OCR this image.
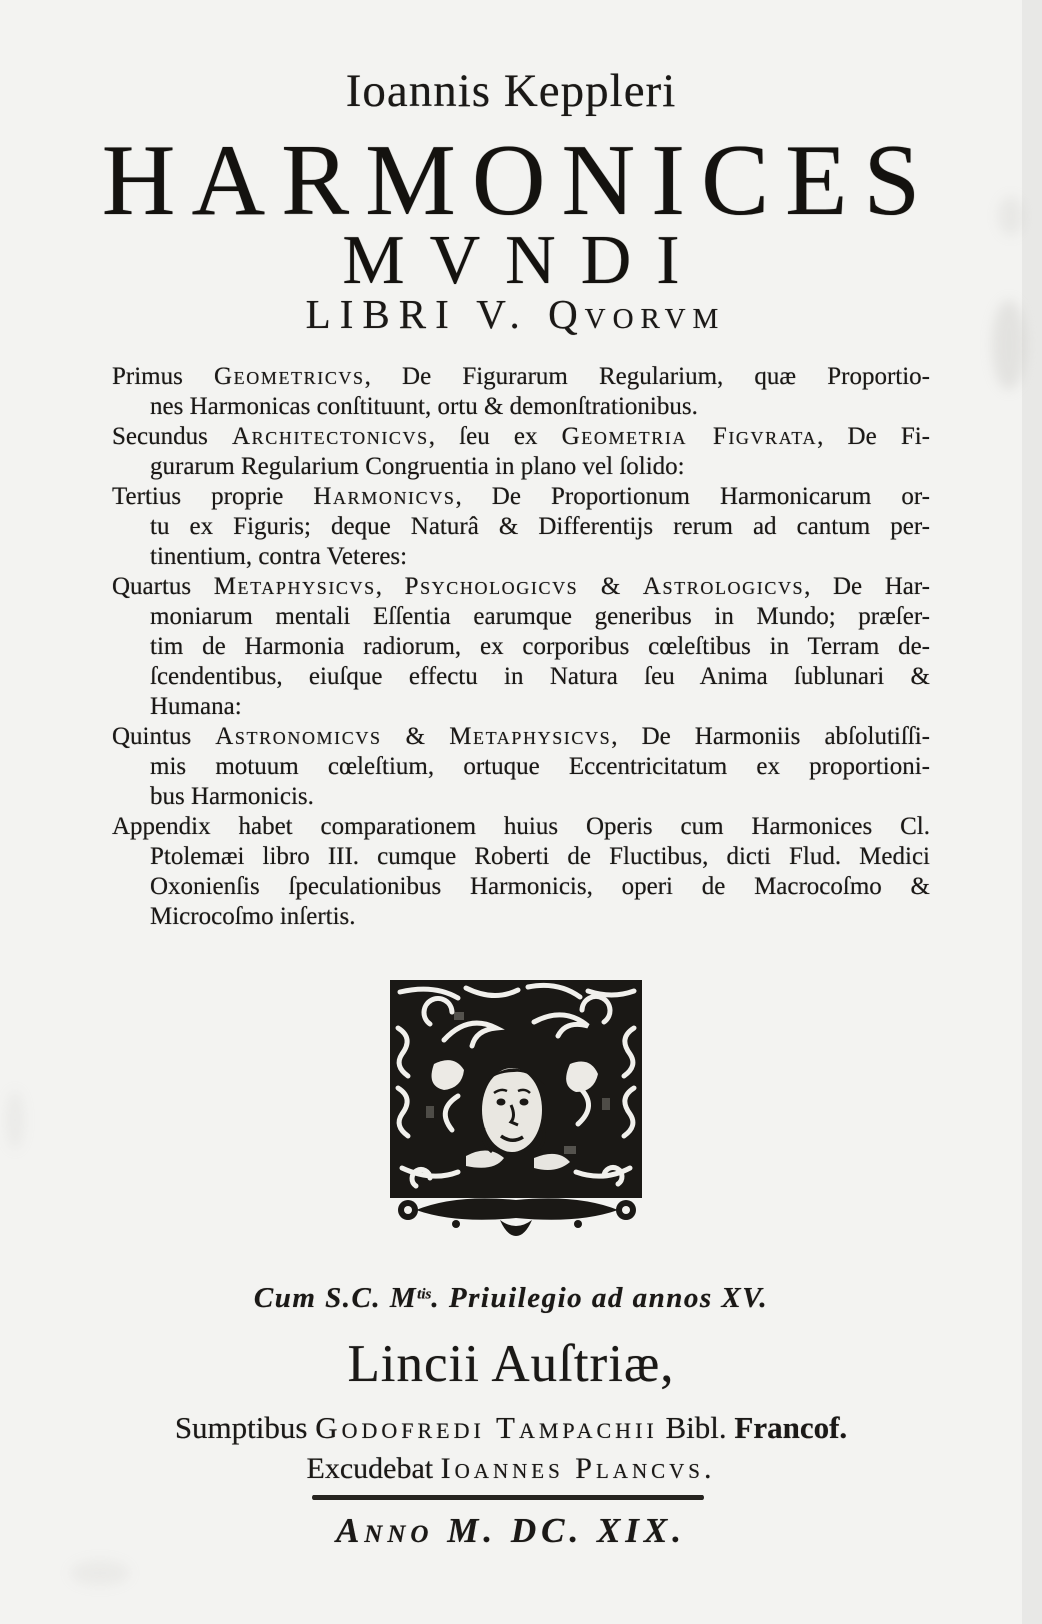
Ioannis Keppleri
HARMONICES
MVNDI
LIBRI V. Qvorvm
Primus Geometricvs, De Figurarum Regularium, quæ Proportio-
nes Harmonicas conſtituunt, ortu & demonſtrationibus.
Secundus Architectonicvs, ſeu ex Geometria Figvrata, De Fi-
gurarum Regularium Congruentia in plano vel ſolido:
Tertius proprie Harmonicvs, De Proportionum Harmonicarum or-
tu ex Figuris; deque Naturâ & Differentijs rerum ad cantum per-
tinentium, contra Veteres:
Quartus Metaphysicvs, Psychologicvs & Astrologicvs, De Har-
moniarum mentali Eſſentia earumque generibus in Mundo; præſer-
tim de Harmonia radiorum, ex corporibus cœleſtibus in Terram de-
ſcendentibus, eiuſque effectu in Natura ſeu Anima ſublunari &
Humana:
Quintus Astronomicvs & Metaphysicvs, De Harmoniis abſolutiſſi-
mis motuum cœleſtium, ortuque Eccentricitatum ex proportioni-
bus Harmonicis.
Appendix habet comparationem huius Operis cum Harmonices Cl.
Ptolemæi libro III. cumque Roberti de Fluctibus, dicti Flud. Medici
Oxonienſis ſpeculationibus Harmonicis, operi de Macrocoſmo &
Microcoſmo inſertis.
Cum S.C. $M^{tis}$. Priuilegio ad annos XV.
Lincii Auſtriæ,
Sumptibus Godofredi Tampachii Bibl. Francof.
Excudebat Ioannes Plancvs.
Anno M. DC. XIX.
